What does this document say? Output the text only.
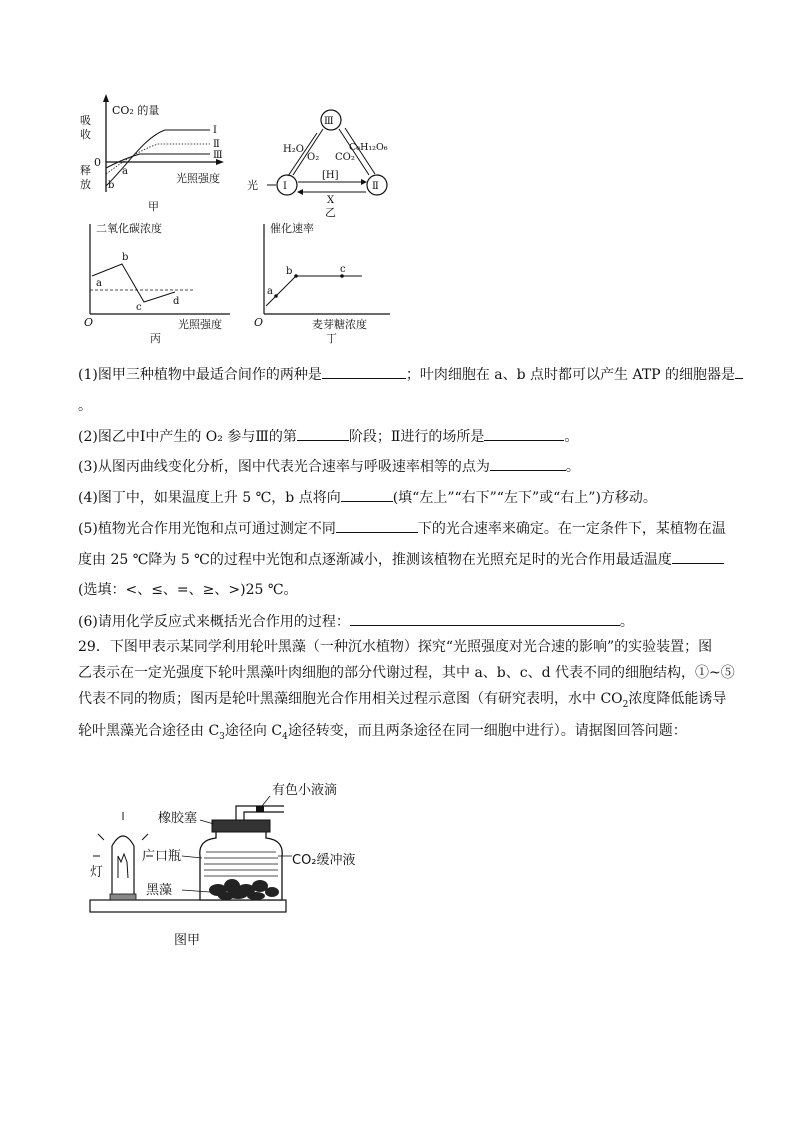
CO₂ 的量
吸
收
释
放
0
光照强度
a
b
Ⅰ
Ⅱ
Ⅲ
甲
Ⅲ
Ⅰ	Ⅱ
光
H₂O
O₂ CO₂
C₆H₁₂O₆
[H]
X
乙
二氧化碳浓度
光照强度
O
a
b
c
d
丙
催化速率
麦芽糖浓度
O
a
b	c
丁
(1)图甲三种植物中最适合间作的两种是	；叶肉细胞在 a、b 点时都可以产生 ATP 的细胞器是
。
(2)图乙中Ⅰ中产生的 O₂ 参与Ⅲ的第	阶段；Ⅱ进行的场所是	。
(3)从图丙曲线变化分析，图中代表光合速率与呼吸速率相等的点为	。
(4)图丁中，如果温度上升 5 ℃，b 点将向	(填“左上”“右下”“左下”或“右上”)方移动。
(5)植物光合作用光饱和点可通过测定不同	下的光合速率来确定。在一定条件下，某植物在温
度由 25 ℃降为 5 ℃的过程中光饱和点逐渐减小，推测该植物在光照充足时的光合作用最适温度
(选填：<、≤、=、≥、>)25 ℃。
(6)请用化学反应式来概括光合作用的过程：	。
29．下图甲表示某同学利用轮叶黑藻（一种沉水植物）探究“光照强度对光合速的影响”的实验装置；图
乙表示在一定光强度下轮叶黑藻叶肉细胞的部分代谢过程，其中 a、b、c、d 代表不同的细胞结构，①~⑤
代表不同的物质；图丙是轮叶黑藻细胞光合作用相关过程示意图（有研究表明，水中 $CO_2$浓度降低能诱导
轮叶黑藻光合途径由 $C_3$途径向 $C_4$途径转变，而且两条途径在同一细胞中进行）。请据图回答问题：
灯
橡胶塞
有色小液滴
广口瓶
黑藻
图甲
CO₂缓冲液
